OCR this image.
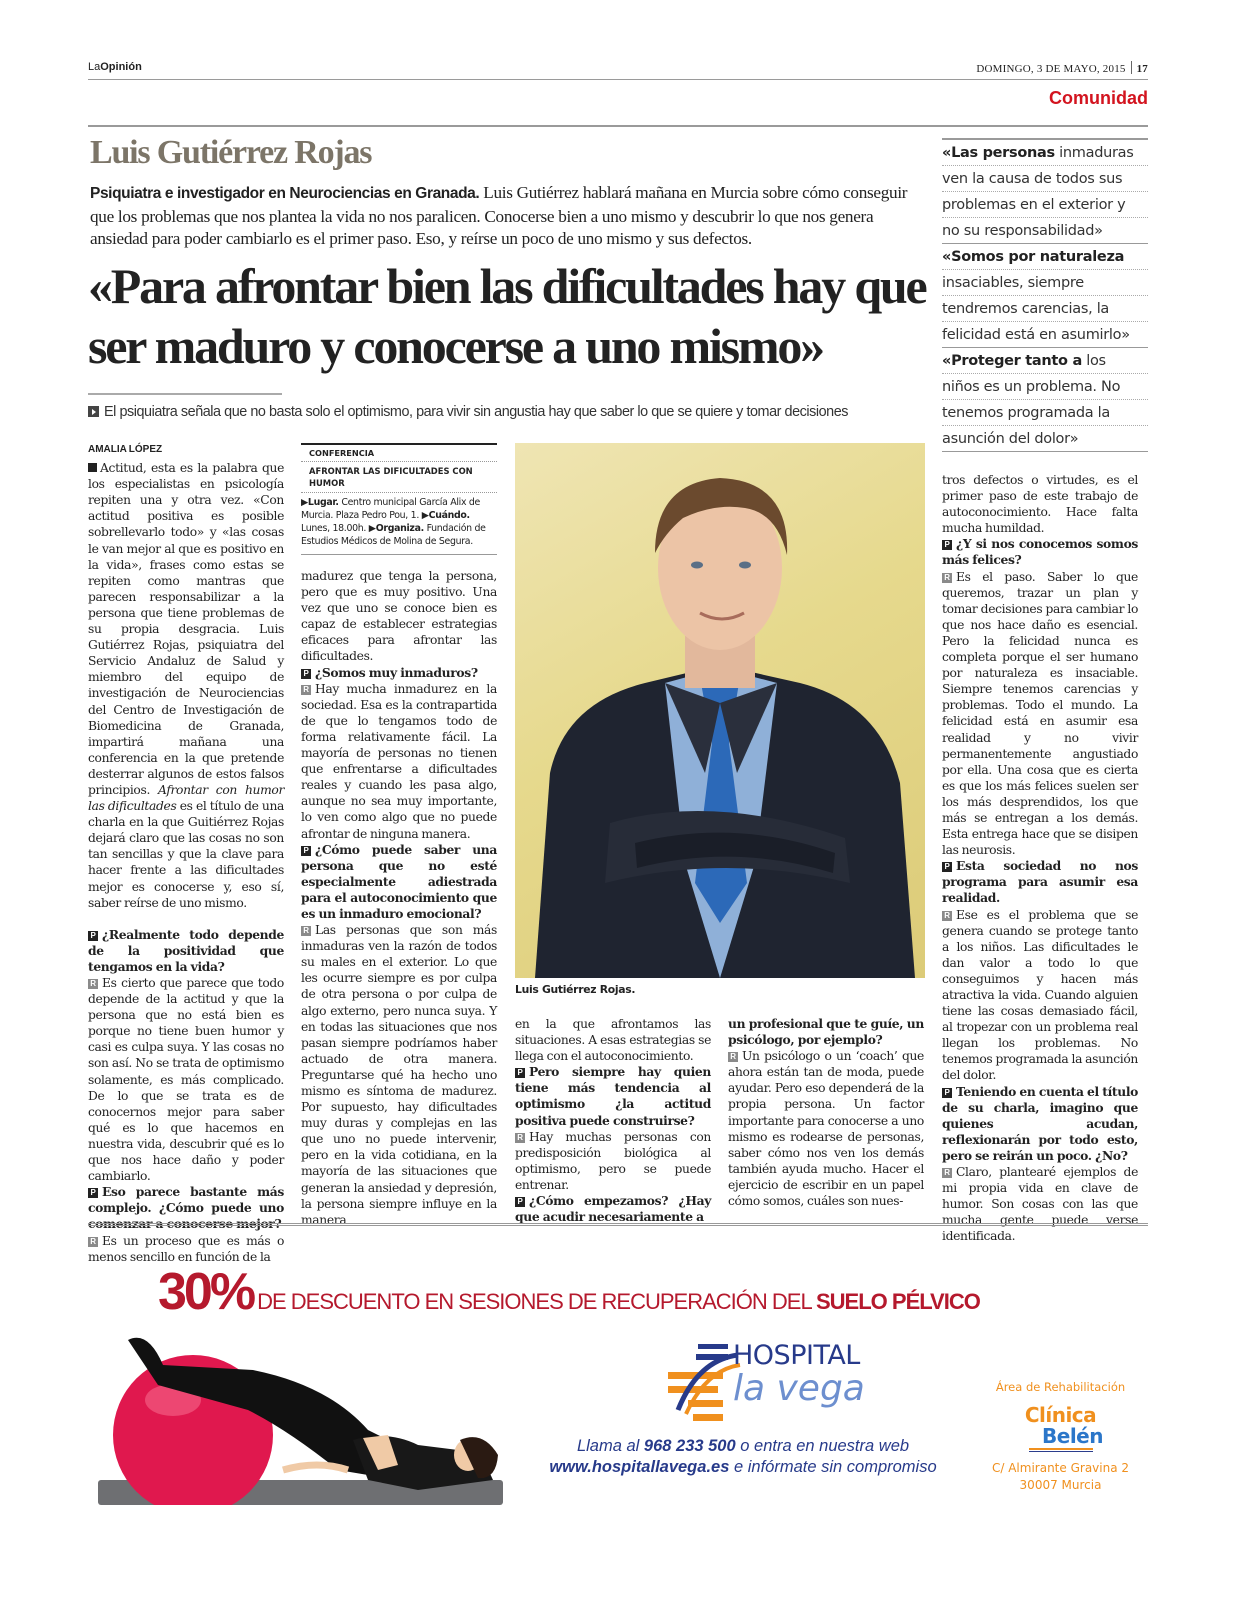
LaOpinión	DOMINGO, 3 DE MAYO, 2015 17
Comunidad
Luis Gutiérrez Rojas
Psiquiatra e investigador en Neurociencias en Granada. Luis Gutiérrez hablará mañana en Murcia sobre cómo conseguir que los problemas que nos plantea la vida no nos paralicen. Conocerse bien a uno mismo y descubrir lo que nos genera ansiedad para poder cambiarlo es el primer paso. Eso, y reírse un poco de uno mismo y sus defectos.
«Para afrontar bien las dificultades hay que ser maduro y conocerse a uno mismo»
El psiquiatra señala que no basta solo el optimismo, para vivir sin angustia hay que saber lo que se quiere y tomar decisiones
«Las personas inmaduras
ven la causa de todos sus
problemas en el exterior y
no su responsabilidad»
«Somos por naturaleza
insaciables, siempre
tendremos carencias, la
felicidad está en asumirlo»
«Proteger tanto a los
niños es un problema. No
tenemos programada la
asunción del dolor»
AMALIA LÓPEZ

Actitud, esta es la palabra que los especialistas en psicología repiten una y otra vez. «Con actitud positiva es posible sobrellevarlo todo» y «las cosas le van mejor al que es positivo en la vida», frases como estas se repiten como mantras que parecen responsabilizar a la persona que tiene problemas de su propia desgracia. Luis Gutiérrez Rojas, psiquiatra del Servicio Andaluz de Salud y miembro del equipo de investigación de Neurociencias del Centro de Investigación de Biomedicina de Granada, impartirá mañana una conferencia en la que pretende desterrar algunos de estos falsos principios. Afrontar con humor las dificultades es el título de una charla en la que Guitiérrez Rojas dejará claro que las cosas no son tan sencillas y que la clave para hacer frente a las dificultades mejor es conocerse y, eso sí, saber reírse de uno mismo.

P ¿Realmente todo depende de la positividad que tengamos en la vida?

R Es cierto que parece que todo depende de la actitud y que la persona que no está bien es porque no tiene buen humor y casi es culpa suya. Y las cosas no son así. No se trata de optimismo solamente, es más complicado. De lo que se trata es de conocernos mejor para saber qué es lo que hacemos en nuestra vida, descubrir qué es lo que nos hace daño y poder cambiarlo.

P Eso parece bastante más complejo. ¿Cómo puede uno comenzar a conocerse mejor?

R Es un proceso que es más o menos sencillo en función de la

CONFERENCIA
AFRONTAR LAS DIFICULTADES CON HUMOR
▶Lugar. Centro municipal García Alix de Murcia. Plaza Pedro Pou, 1. ▶Cuándo. Lunes, 18.00h. ▶Organiza. Fundación de Estudios Médicos de Molina de Segura.

madurez que tenga la persona, pero que es muy positivo. Una vez que uno se conoce bien es capaz de establecer estrategias eficaces para afrontar las dificultades.

P ¿Somos muy inmaduros?

R Hay mucha inmadurez en la sociedad. Esa es la contrapartida de que lo tengamos todo de forma relativamente fácil. La mayoría de personas no tienen que enfrentarse a dificultades reales y cuando les pasa algo, aunque no sea muy importante, lo ven como algo que no puede afrontar de ninguna manera.

P ¿Cómo puede saber una persona que no esté especialmente adiestrada para el autoconocimiento que es un inmaduro emocional?

R Las personas que son más inmaduras ven la razón de todos su males en el exterior. Lo que les ocurre siempre es por culpa de otra persona o por culpa de algo externo, pero nunca suya. Y en todas las situaciones que nos pasan siempre podríamos haber actuado de otra manera. Preguntarse qué ha hecho uno mismo es síntoma de madurez. Por supuesto, hay dificultades muy duras y complejas en las que uno no puede intervenir, pero en la vida cotidiana, en la mayoría de las situaciones que generan la ansiedad y depresión, la persona siempre influye en la manera

Luis Gutiérrez Rojas.

en la que afrontamos las situaciones. A esas estrategias se llega con el autoconocimiento.

P Pero siempre hay quien tiene más tendencia al optimismo ¿la actitud positiva puede construirse?

R Hay muchas personas con predisposición biológica al optimismo, pero se puede entrenar.

P ¿Cómo empezamos? ¿Hay que acudir necesariamente a

un profesional que te guíe, un psicólogo, por ejemplo?

R Un psicólogo o un ‘coach’ que ahora están tan de moda, puede ayudar. Pero eso dependerá de la propia persona. Un factor importante para conocerse a uno mismo es rodearse de personas, saber cómo nos ven los demás también ayuda mucho. Hacer el ejercicio de escribir en un papel cómo somos, cuáles son nues-

tros defectos o virtudes, es el primer paso de este trabajo de autoconocimiento. Hace falta mucha humildad.

P ¿Y si nos conocemos somos más felices?

R Es el paso. Saber lo que queremos, trazar un plan y tomar decisiones para cambiar lo que nos hace daño es esencial. Pero la felicidad nunca es completa porque el ser humano por naturaleza es insaciable. Siempre tenemos carencias y problemas. Todo el mundo. La felicidad está en asumir esa realidad y no vivir permanentemente angustiado por ella. Una cosa que es cierta es que los más felices suelen ser los más desprendidos, los que más se entregan a los demás. Esta entrega hace que se disipen las neurosis.

P Esta sociedad no nos programa para asumir esa realidad.

R Ese es el problema que se genera cuando se protege tanto a los niños. Las dificultades le dan valor a todo lo que conseguimos y hacen más atractiva la vida. Cuando alguien tiene las cosas demasiado fácil, al tropezar con un problema real llegan los problemas. No tenemos programada la asunción del dolor.

P Teniendo en cuenta el título de su charla, imagino que quienes acudan, reflexionarán por todo esto, pero se reirán un poco. ¿No?

R Claro, plantearé ejemplos de mi propia vida en clave de humor. Son cosas con las que mucha gente puede verse identificada.

30% DE DESCUENTO EN SESIONES DE RECUPERACIÓN DEL SUELO PÉLVICO
HOSPITAL
la vega
Llama al 968 233 500 o entra en nuestra web
www.hospitallavega.es e infórmate sin compromiso
Área de Rehabilitación
Clínica
Belén
C/ Almirante Gravina 2
30007 Murcia
